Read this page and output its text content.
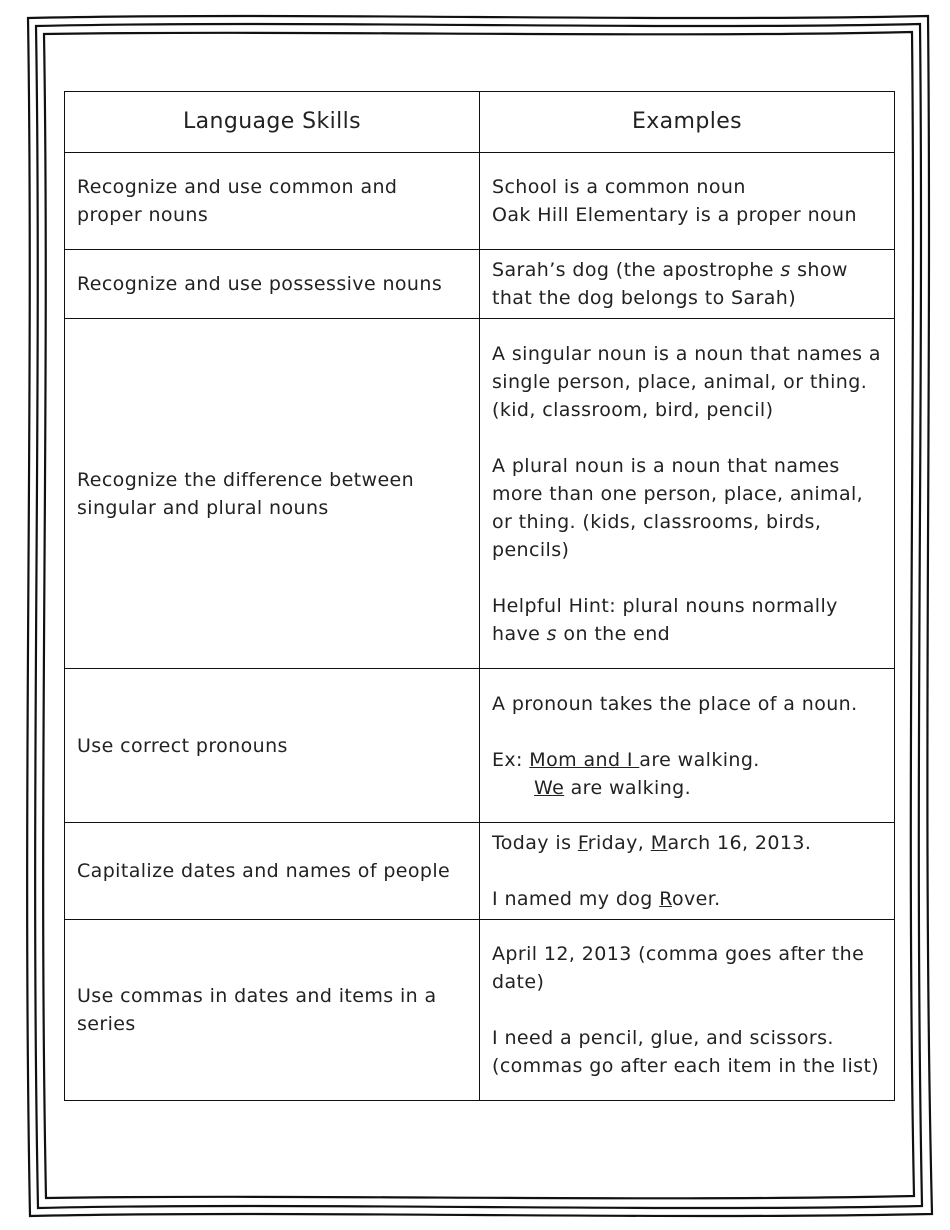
Language Skills	Examples
Recognize and use common and proper nouns	School is a common noun
Oak Hill Elementary is a proper noun

Recognize and use possessive nouns	Sarah’s dog (the apostrophe s show that the dog belongs to Sarah)
Recognize the difference between singular and plural nouns	A singular noun is a noun that names a single person, place, animal, or thing. (kid, classroom, bird, pencil)
A plural noun is a noun that names more than one person, place, animal, or thing. (kids, classrooms, birds, pencils)
Helpful Hint: plural nouns normally have s on the end

Use correct pronouns	A pronoun takes the place of a noun.
Ex: Mom and I are walking.
We are walking.

Capitalize dates and names of people	Today is Friday, March 16, 2013.
I named my dog Rover.

Use commas in dates and items in a series	April 12, 2013 (comma goes after the date)
I need a pencil, glue, and scissors. (commas go after each item in the list)
